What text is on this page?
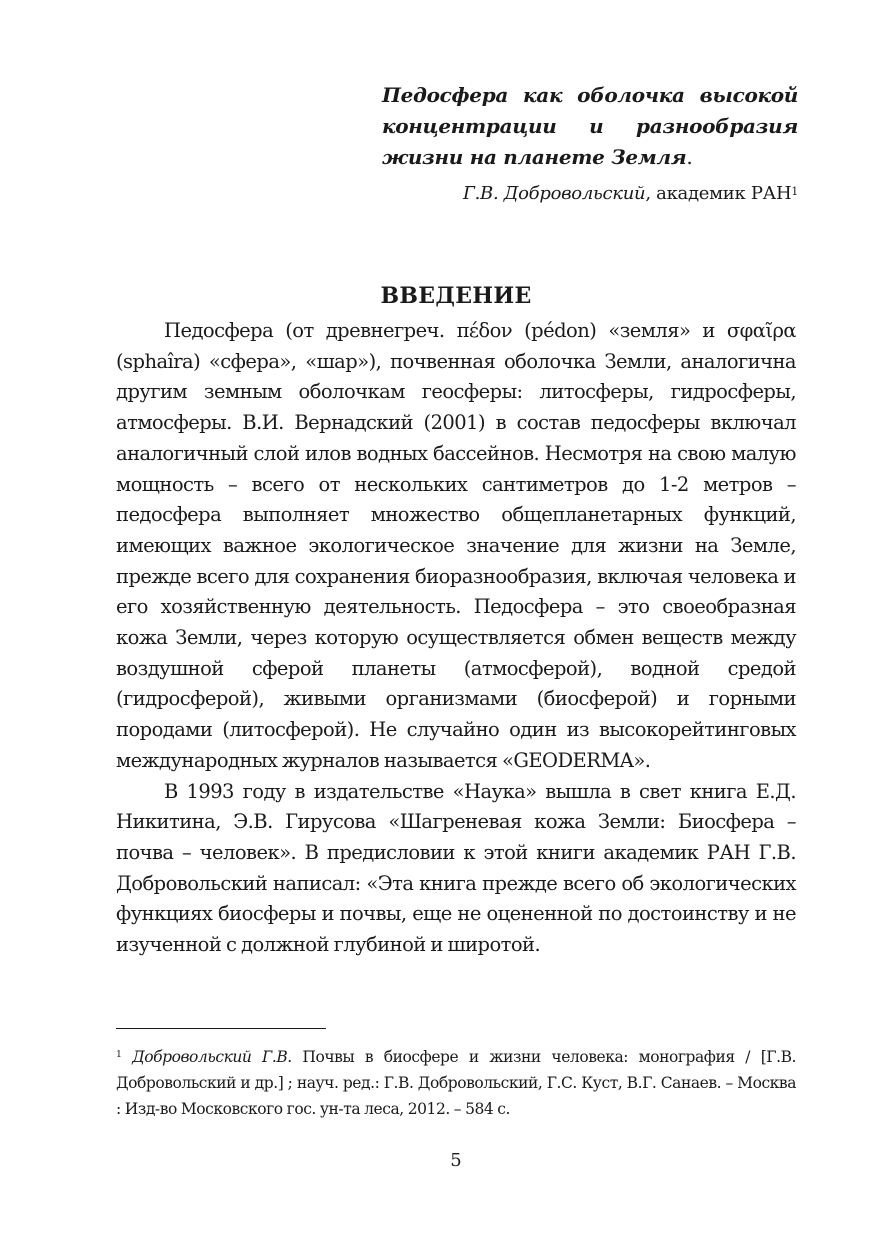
Педосфера как оболочка высокой концентрации и разнообразия жизни на планете Земля.
Г.В. Добровольский, академик РАН$^1$
ВВЕДЕНИЕ

Педосфера (от древнегреч. πέδον (pédon) «земля» и σφαῖρα (sphaîra) «сфера», «шар»), почвенная оболочка Земли, аналогична другим земным оболочкам геосферы: литосферы, гидросферы, атмосферы. В.И. Вернадский (2001) в состав педосферы включал аналогичный слой илов водных бассейнов. Несмотря на свою малую мощность – всего от нескольких сантиметров до 1-2 метров – педосфера выполняет множество общепланетарных функций, имеющих важное экологическое значение для жизни на Земле, прежде всего для сохранения биоразнообразия, включая человека и его хозяйственную деятельность. Педосфера – это своеобразная кожа Земли, через которую осуществляется обмен веществ между воздушной сферой планеты (атмосферой), водной средой (гидросферой), живыми организмами (биосферой) и горными породами (литосферой). Не случайно один из высокорейтинговых международных журналов называется «GEODERMA».

В 1993 году в издательстве «Наука» вышла в свет книга Е.Д. Никитина, Э.В. Гирусова «Шагреневая кожа Земли: Биосфера – почва – человек». В предисловии к этой книги академик РАН Г.В. Добровольский написал: «Эта книга прежде всего об экологических функциях биосферы и почвы, еще не оцененной по достоинству и не изученной с должной глубиной и широтой.

$^1$ Добровольский Г.В. Почвы в биосфере и жизни человека: монография / [Г.В. Добровольский и др.] ; науч. ред.: Г.В. Добровольский, Г.С. Куст, В.Г. Санаев. – Москва : Изд-во Московского гос. ун-та леса, 2012. – 584 с.
5
